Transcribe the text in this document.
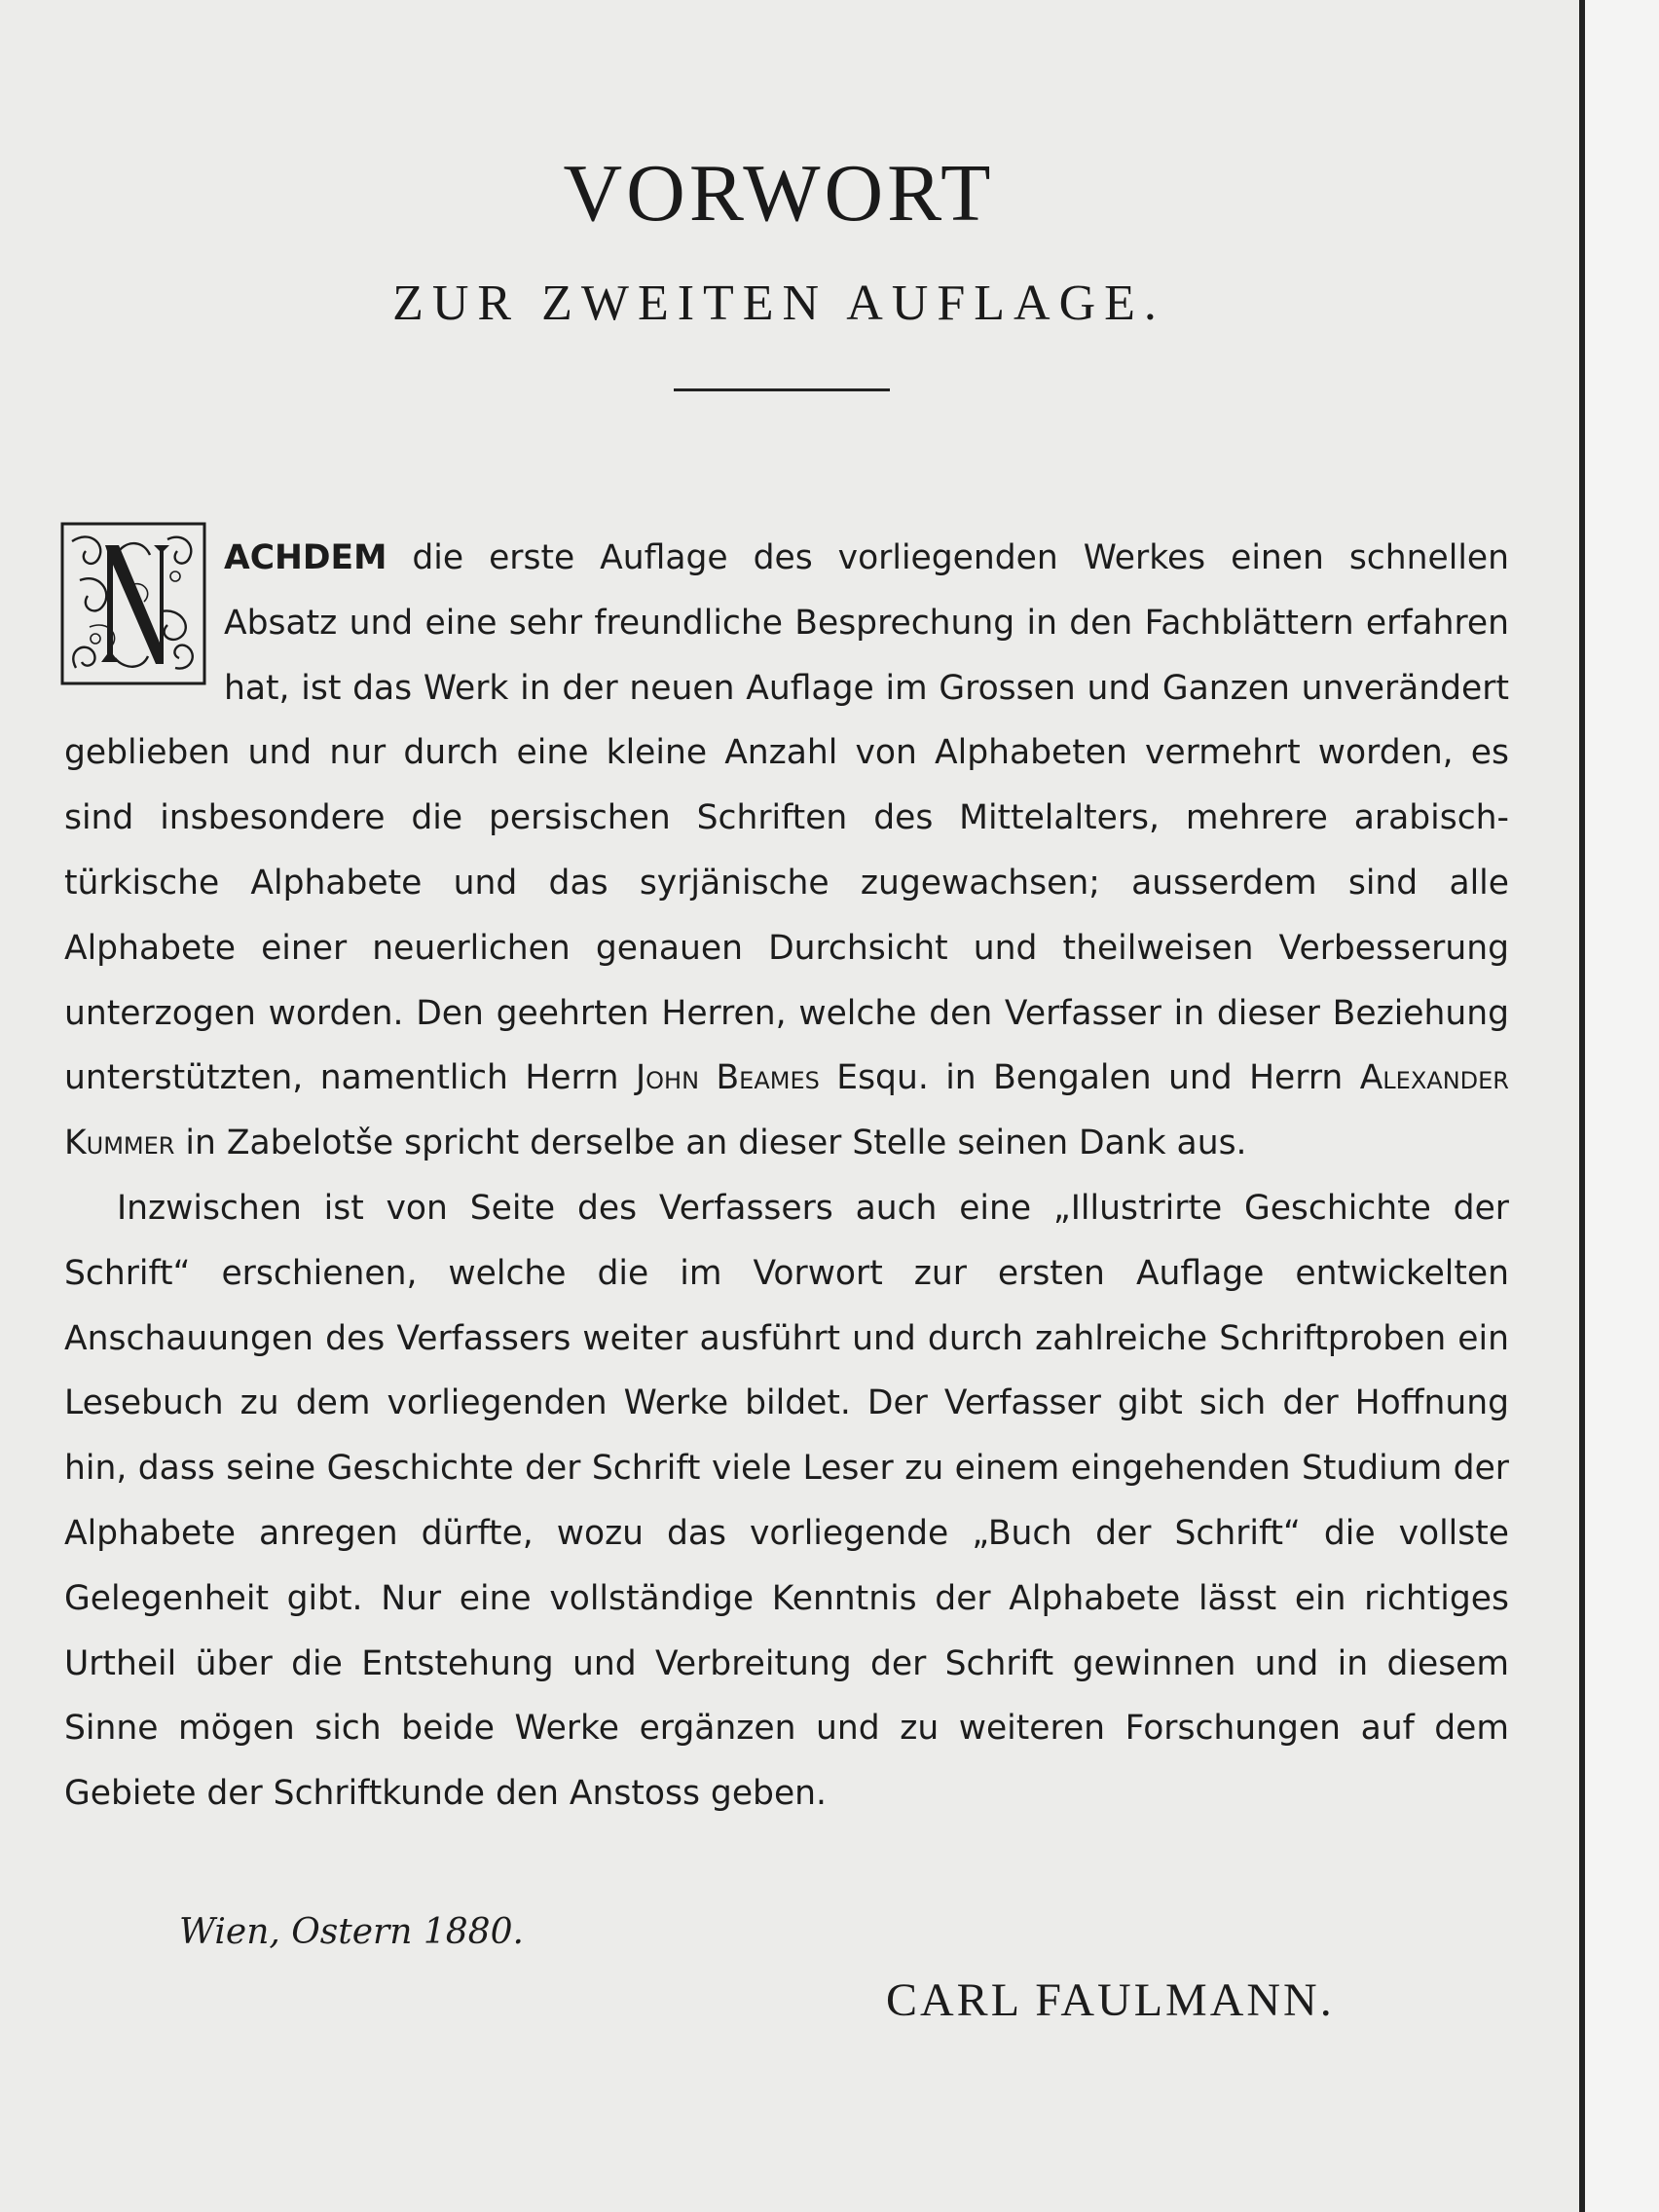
VORWORT
ZUR ZWEITEN AUFLAGE.

ACHDEM die erste Auflage des vorliegenden Werkes einen schnellen Absatz und eine sehr freundliche Besprechung in den Fachblättern erfahren hat, ist das Werk in der neuen Auflage im Grossen und Ganzen unverändert geblieben und nur durch eine kleine Anzahl von Alphabeten vermehrt worden, es sind insbesondere die persischen Schriften des Mittelalters, mehrere arabisch-türkische Alphabete und das syrjänische zugewachsen; ausserdem sind alle Alphabete einer neuerlichen genauen Durchsicht und theilweisen Verbesserung unterzogen worden. Den geehrten Herren, welche den Verfasser in dieser Beziehung unterstützten, namentlich Herrn John Beames Esqu. in Bengalen und Herrn Alexander Kummer in Zabelotše spricht derselbe an dieser Stelle seinen Dank aus.

Inzwischen ist von Seite des Verfassers auch eine „Illustrirte Geschichte der Schrift“ erschienen, welche die im Vorwort zur ersten Auflage entwickelten Anschauungen des Verfassers weiter ausführt und durch zahlreiche Schriftproben ein Lesebuch zu dem vorliegenden Werke bildet. Der Verfasser gibt sich der Hoffnung hin, dass seine Geschichte der Schrift viele Leser zu einem eingehenden Studium der Alphabete anregen dürfte, wozu das vorliegende „Buch der Schrift“ die vollste Gelegenheit gibt. Nur eine vollständige Kenntnis der Alphabete lässt ein richtiges Urtheil über die Entstehung und Verbreitung der Schrift gewinnen und in diesem Sinne mögen sich beide Werke ergänzen und zu weiteren Forschungen auf dem Gebiete der Schriftkunde den Anstoss geben.

Wien, Ostern 1880.
CARL FAULMANN.
